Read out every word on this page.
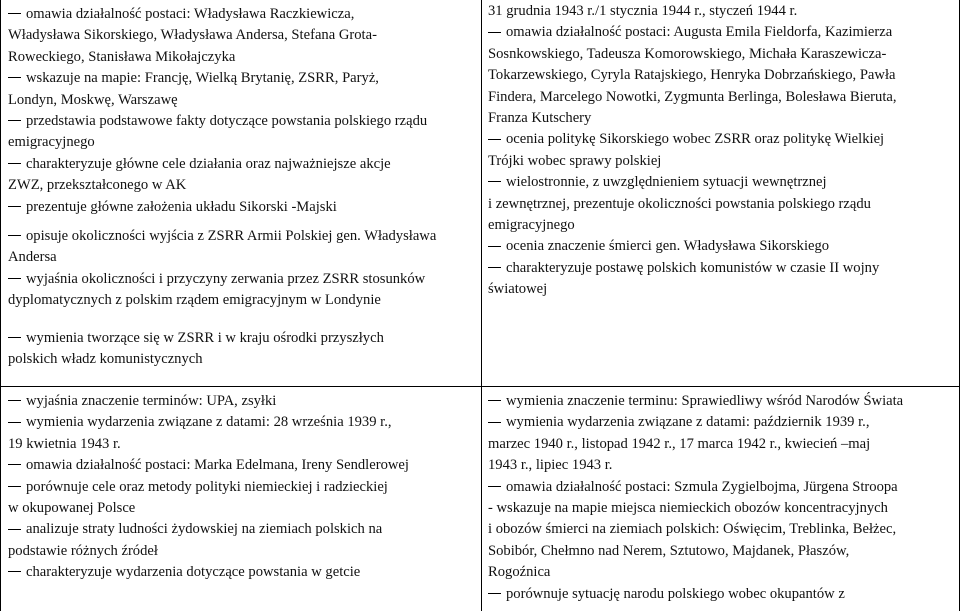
omawia działalność postaci: Władysława Raczkiewicza,

Władysława Sikorskiego, Władysława Andersa, Stefana Grota-

Roweckiego, Stanisława Mikołajczyka

wskazuje na mapie: Francję, Wielką Brytanię, ZSRR, Paryż,

Londyn, Moskwę, Warszawę

przedstawia podstawowe fakty dotyczące powstania polskiego rządu

emigracyjnego

charakteryzuje główne cele działania oraz najważniejsze akcje

ZWZ, przekształconego w AK

prezentuje główne założenia układu Sikorski -Majski

opisuje okoliczności wyjścia z ZSRR Armii Polskiej gen. Władysława

Andersa

wyjaśnia okoliczności i przyczyny zerwania przez ZSRR stosunków

dyplomatycznych z polskim rządem emigracyjnym w Londynie

wymienia tworzące się w ZSRR i w kraju ośrodki przyszłych

polskich władz komunistycznych

31 grudnia 1943 r./1 stycznia 1944 r., styczeń 1944 r.

omawia działalność postaci: Augusta Emila Fieldorfa, Kazimierza

Sosnkowskiego, Tadeusza Komorowskiego, Michała Karaszewicza-

Tokarzewskiego, Cyryla Ratajskiego, Henryka Dobrzańskiego, Pawła

Findera, Marcelego Nowotki, Zygmunta Berlinga, Bolesława Bieruta,

Franza Kutschery

ocenia politykę Sikorskiego wobec ZSRR oraz politykę Wielkiej

Trójki wobec sprawy polskiej

wielostronnie, z uwzględnieniem sytuacji wewnętrznej

i zewnętrznej, prezentuje okoliczności powstania polskiego rządu

emigracyjnego

ocenia znaczenie śmierci gen. Władysława Sikorskiego

charakteryzuje postawę polskich komunistów w czasie II wojny

światowej

wyjaśnia znaczenie terminów: UPA, zsyłki

wymienia wydarzenia związane z datami: 28 września 1939 r.,

19 kwietnia 1943 r.

omawia działalność postaci: Marka Edelmana, Ireny Sendlerowej

porównuje cele oraz metody polityki niemieckiej i radzieckiej

w okupowanej Polsce

analizuje straty ludności żydowskiej na ziemiach polskich na

podstawie różnych źródeł

charakteryzuje wydarzenia dotyczące powstania w getcie

wymienia znaczenie terminu: Sprawiedliwy wśród Narodów Świata

wymienia wydarzenia związane z datami: październik 1939 r.,

marzec 1940 r., listopad 1942 r., 17 marca 1942 r., kwiecień –maj

1943 r., lipiec 1943 r.

omawia działalność postaci: Szmula Zygielbojma, Jürgena Stroopa

- wskazuje na mapie miejsca niemieckich obozów koncentracyjnych

i obozów śmierci na ziemiach polskich: Oświęcim, Treblinka, Bełżec,

Sobibór, Chełmno nad Nerem, Sztutowo, Majdanek, Płaszów,

Rogoźnica

porównuje sytuację narodu polskiego wobec okupantów z
